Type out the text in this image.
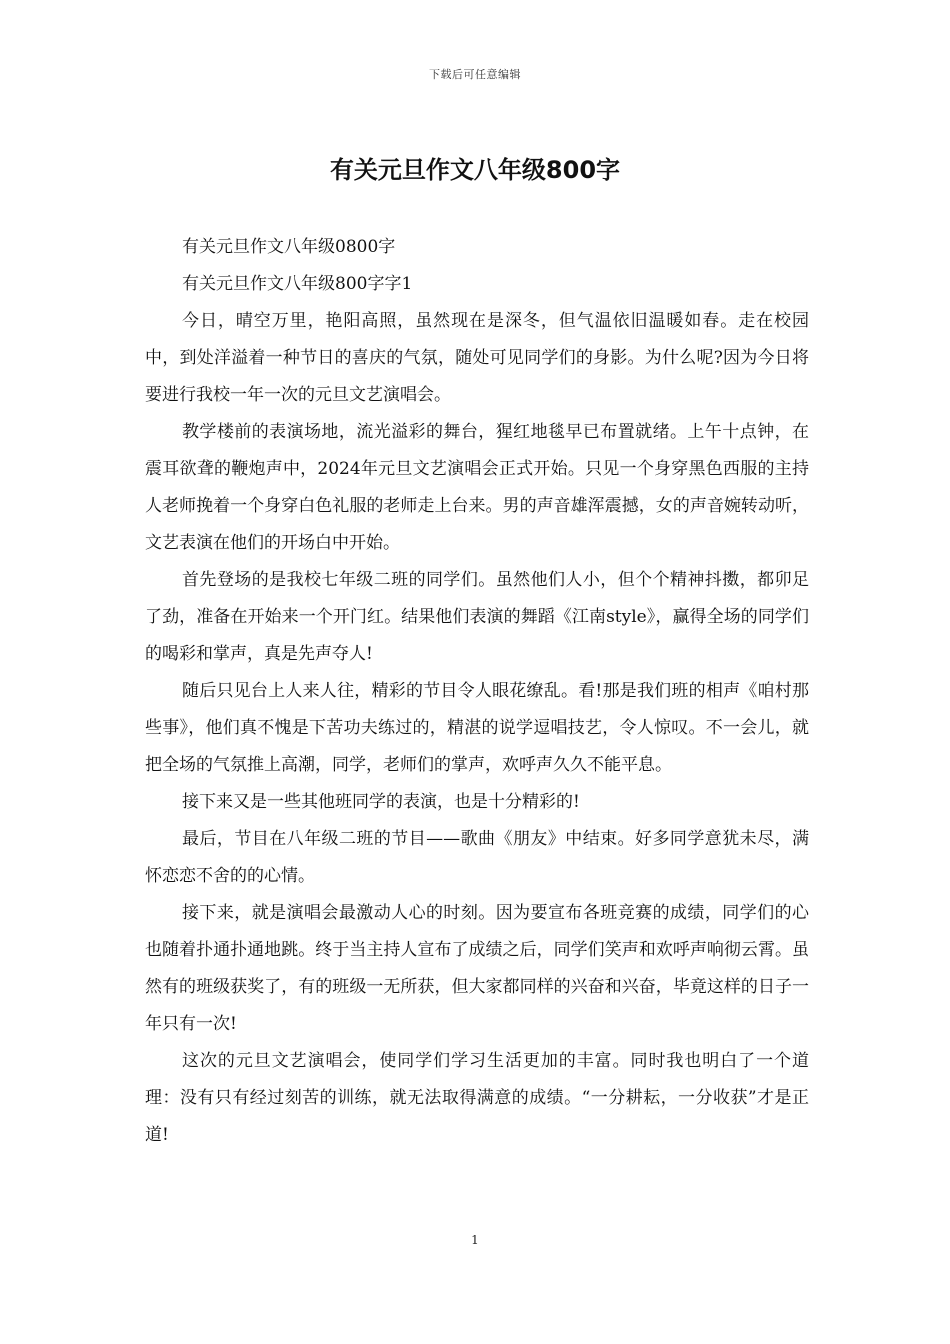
下载后可任意编辑
有关元旦作文八年级800字

有关元旦作文八年级0800字

有关元旦作文八年级800字字1

今日，晴空万里，艳阳高照，虽然现在是深冬，但气温依旧温暖如春。走在校园中，到处洋溢着一种节日的喜庆的气氛，随处可见同学们的身影。为什么呢?因为今日将要进行我校一年一次的元旦文艺演唱会。

教学楼前的表演场地，流光溢彩的舞台，猩红地毯早已布置就绪。上午十点钟，在震耳欲聋的鞭炮声中，2024年元旦文艺演唱会正式开始。只见一个身穿黑色西服的主持人老师挽着一个身穿白色礼服的老师走上台来。男的声音雄浑震撼，女的声音婉转动听，文艺表演在他们的开场白中开始。

首先登场的是我校七年级二班的同学们。虽然他们人小，但个个精神抖擞，都卯足了劲，准备在开始来一个开门红。结果他们表演的舞蹈《江南style》，赢得全场的同学们的喝彩和掌声，真是先声夺人!

随后只见台上人来人往，精彩的节目令人眼花缭乱。看!那是我们班的相声《咱村那些事》，他们真不愧是下苦功夫练过的，精湛的说学逗唱技艺，令人惊叹。不一会儿，就把全场的气氛推上高潮，同学，老师们的掌声，欢呼声久久不能平息。

接下来又是一些其他班同学的表演，也是十分精彩的!

最后，节目在八年级二班的节目——歌曲《朋友》中结束。好多同学意犹未尽，满怀恋恋不舍的的心情。

接下来，就是演唱会最激动人心的时刻。因为要宣布各班竞赛的成绩，同学们的心也随着扑通扑通地跳。终于当主持人宣布了成绩之后，同学们笑声和欢呼声响彻云霄。虽然有的班级获奖了，有的班级一无所获，但大家都同样的兴奋和兴奋，毕竟这样的日子一年只有一次!

这次的元旦文艺演唱会，使同学们学习生活更加的丰富。同时我也明白了一个道理：没有只有经过刻苦的训练，就无法取得满意的成绩。“一分耕耘，一分收获”才是正道!

1
